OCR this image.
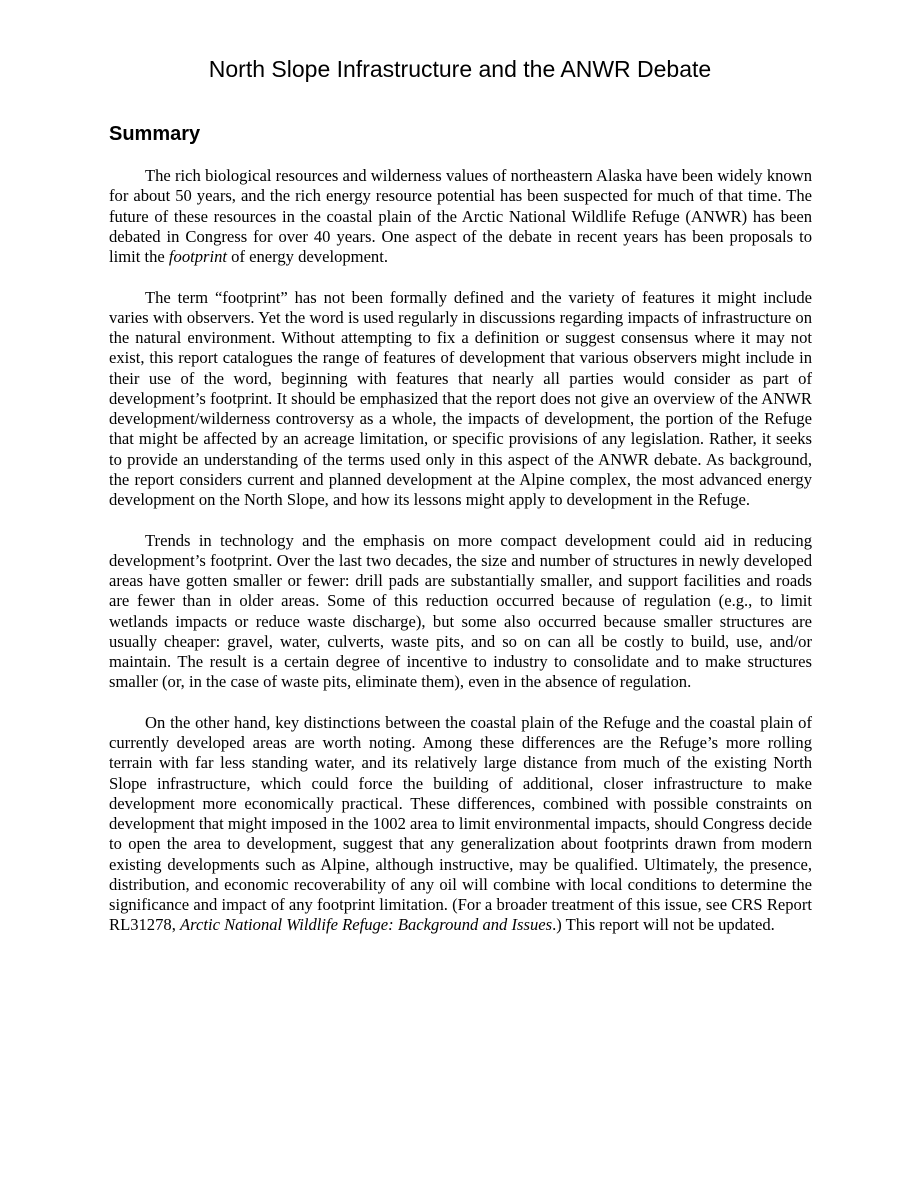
North Slope Infrastructure and the ANWR Debate
Summary

The rich biological resources and wilderness values of northeastern Alaska have been widely known for about 50 years, and the rich energy resource potential has been suspected for much of that time. The future of these resources in the coastal plain of the Arctic National Wildlife Refuge (ANWR) has been debated in Congress for over 40 years. One aspect of the debate in recent years has been proposals to limit the footprint of energy development.

The term “footprint” has not been formally defined and the variety of features it might include varies with observers. Yet the word is used regularly in discussions regarding impacts of infrastructure on the natural environment. Without attempting to fix a definition or suggest consensus where it may not exist, this report catalogues the range of features of development that various observers might include in their use of the word, beginning with features that nearly all parties would consider as part of development’s footprint. It should be emphasized that the report does not give an overview of the ANWR development/wilderness controversy as a whole, the impacts of development, the portion of the Refuge that might be affected by an acreage limitation, or specific provisions of any legislation. Rather, it seeks to provide an understanding of the terms used only in this aspect of the ANWR debate. As background, the report considers current and planned development at the Alpine complex, the most advanced energy development on the North Slope, and how its lessons might apply to development in the Refuge.

Trends in technology and the emphasis on more compact development could aid in reducing development’s footprint. Over the last two decades, the size and number of structures in newly developed areas have gotten smaller or fewer: drill pads are substantially smaller, and support facilities and roads are fewer than in older areas. Some of this reduction occurred because of regulation (e.g., to limit wetlands impacts or reduce waste discharge), but some also occurred because smaller structures are usually cheaper: gravel, water, culverts, waste pits, and so on can all be costly to build, use, and/or maintain. The result is a certain degree of incentive to industry to consolidate and to make structures smaller (or, in the case of waste pits, eliminate them), even in the absence of regulation.

On the other hand, key distinctions between the coastal plain of the Refuge and the coastal plain of currently developed areas are worth noting. Among these differences are the Refuge’s more rolling terrain with far less standing water, and its relatively large distance from much of the existing North Slope infrastructure, which could force the building of additional, closer infrastructure to make development more economically practical. These differences, combined with possible constraints on development that might imposed in the 1002 area to limit environmental impacts, should Congress decide to open the area to development, suggest that any generalization about footprints drawn from modern existing developments such as Alpine, although instructive, may be qualified. Ultimately, the presence, distribution, and economic recoverability of any oil will combine with local conditions to determine the significance and impact of any footprint limitation. (For a broader treatment of this issue, see CRS Report RL31278, Arctic National Wildlife Refuge: Background and Issues.) This report will not be updated.
